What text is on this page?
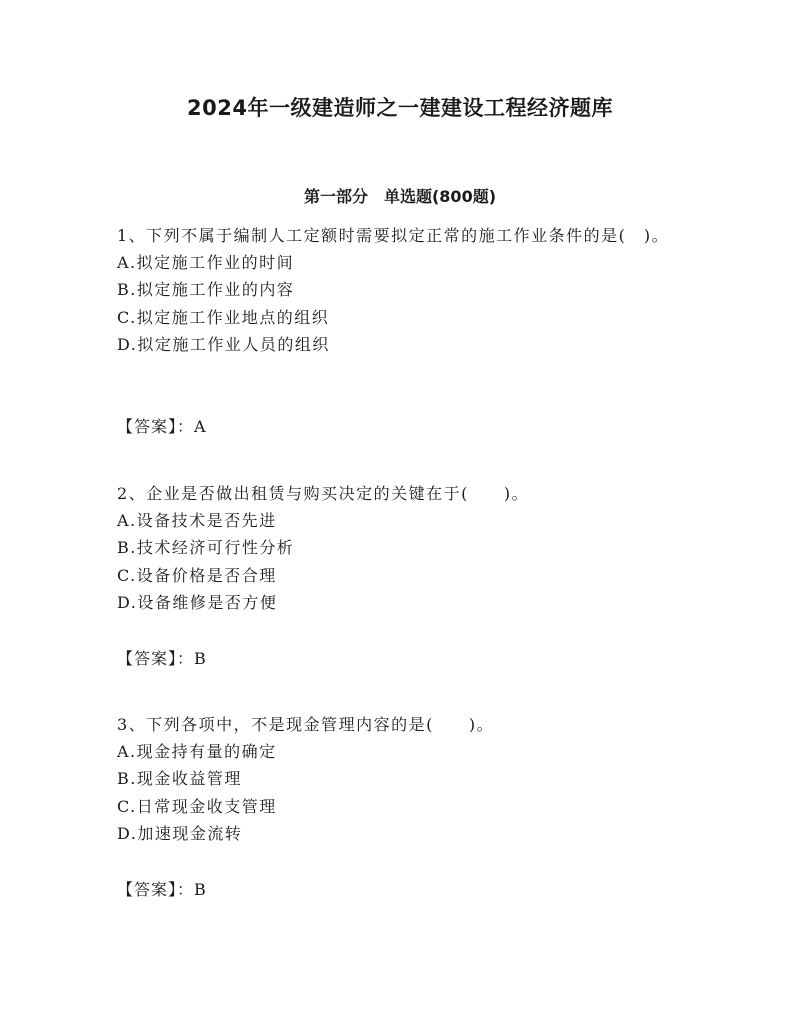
2024年一级建造师之一建建设工程经济题库
第一部分　单选题(800题)

1、下列不属于编制人工定额时需要拟定正常的施工作业条件的是(　)。

A.拟定施工作业的时间
B.拟定施工作业的内容
C.拟定施工作业地点的组织
D.拟定施工作业人员的组织
【答案】：A

2、企业是否做出租赁与购买决定的关键在于(　　)。

A.设备技术是否先进
B.技术经济可行性分析
C.设备价格是否合理
D.设备维修是否方便
【答案】：B

3、下列各项中，不是现金管理内容的是(　　)。

A.现金持有量的确定
B.现金收益管理
C.日常现金收支管理
D.加速现金流转
【答案】：B
